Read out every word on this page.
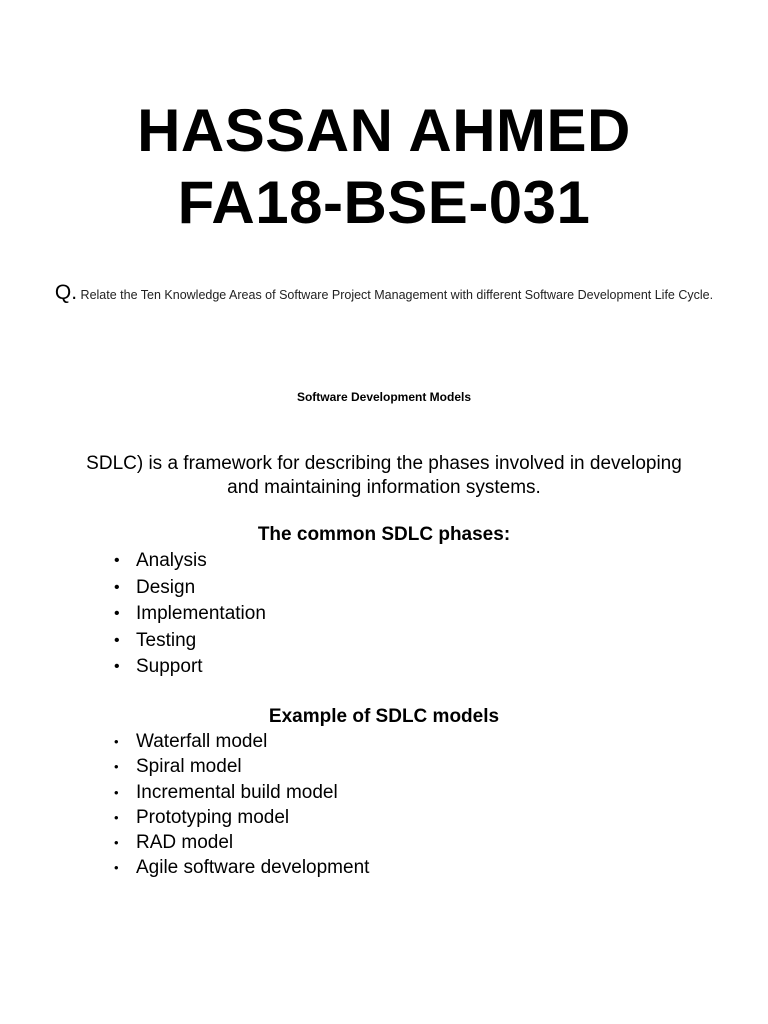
HASSAN AHMED
FA18-BSE-031
Q. Relate the Ten Knowledge Areas of Software Project Management with different Software Development Life Cycle.
Software Development Models
SDLC) is a framework for describing the phases involved in developing and maintaining information systems.
The common SDLC phases:
• Analysis
• Design
• Implementation
• Testing
• Support
Example of SDLC models
• Waterfall model
• Spiral model
• Incremental build model
• Prototyping model
• RAD model
• Agile software development
